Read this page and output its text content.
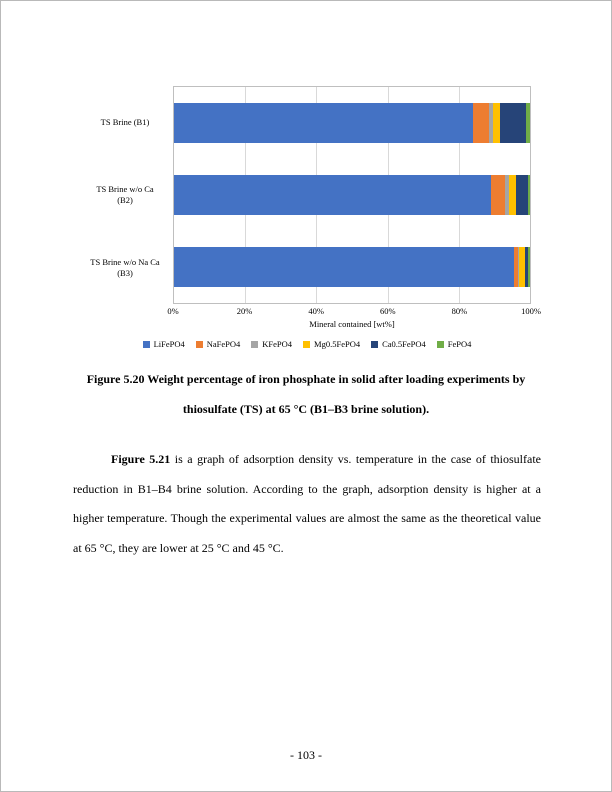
TS Brine (B1)
TS Brine w/o Ca
(B2)
TS Brine w/o Na Ca
(B3)
0%	20%	40%	60%	80%	100%
Mineral contained [wt%]
LiFePO4	NaFePO4	KFePO4	Mg0.5FePO4	Ca0.5FePO4	FePO4
Figure 5.20 Weight percentage of iron phosphate in solid after loading experiments by
thiosulfate (TS) at 65 °C (B1–B3 brine solution).

Figure 5.21 is a graph of adsorption density vs. temperature in the case of thiosulfate reduction in B1–B4 brine solution. According to the graph, adsorption density is higher at a higher temperature. Though the experimental values are almost the same as the theoretical value at 65 °C, they are lower at 25 °C and 45 °C.

- 103 -
